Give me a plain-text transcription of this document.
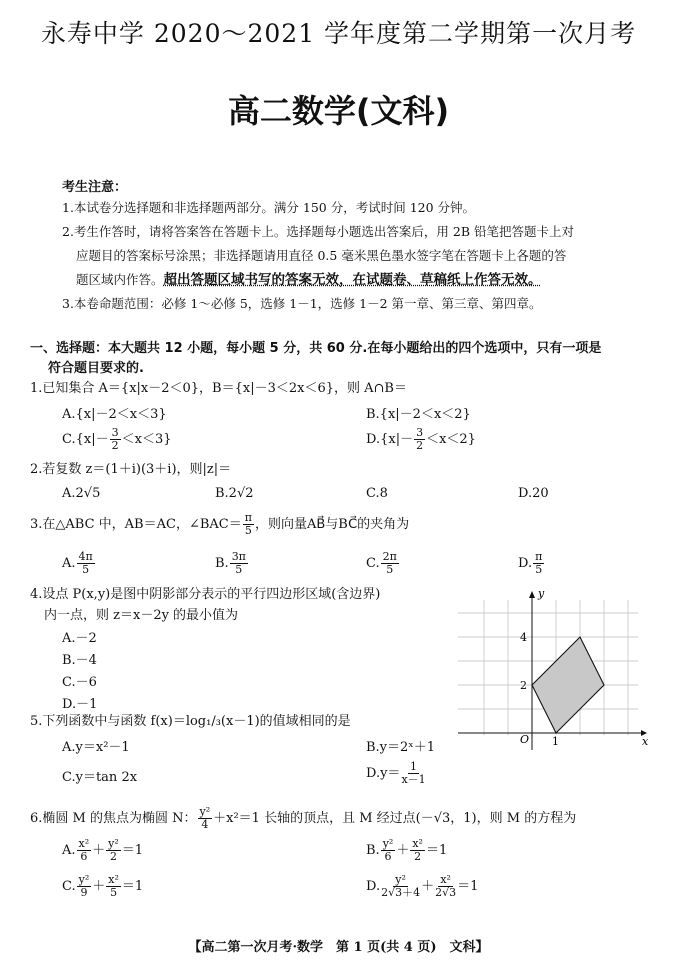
永寿中学 2020～2021 学年度第二学期第一次月考
高二数学(文科)
考生注意：
1.本试卷分选择题和非选择题两部分。满分 150 分，考试时间 120 分钟。
2.考生作答时，请将答案答在答题卡上。选择题每小题选出答案后，用 2B 铅笔把答题卡上对
应题目的答案标号涂黑；非选择题请用直径 0.5 毫米黑色墨水签字笔在答题卡上各题的答
题区域内作答。超出答题区域书写的答案无效，在试题卷、草稿纸上作答无效。
3.本卷命题范围：必修 1～必修 5，选修 1－1，选修 1－2 第一章、第三章、第四章。
一、选择题：本大题共 12 小题，每小题 5 分，共 60 分.在每小题给出的四个选项中，只有一项是
符合题目要求的.
1.已知集合 A＝{x|x－2＜0}，B＝{x|－3＜2x＜6}，则 A∩B＝
A.{x|－2＜x＜3}	B.{x|－2＜x＜2}
$C.\{x|- \frac{3}{2} <x<3\}$	$D.\{x|- \frac{3}{2} <x<2\}$
2.若复数 z＝(1＋i)(3＋i)，则|z|＝
A.2√5	B.2√2	C.8	D.20
3.在△ABC 中，AB＝AC，∠BAC＝ $\frac{\pi}{5}$ ，则向量AB⃗与BC⃗的夹角为
A. $\frac{4\pi}{5}$	B. $\frac{3\pi}{5}$	C. $\frac{2\pi}{5}$	D. $\frac{\pi}{5}$
4.设点 P(x,y)是图中阴影部分表示的平行四边形区域(含边界)
内一点，则 z＝x－2y 的最小值为
A.－2
B.－4
C.－6
D.－1
y
x
O
4
2
1
5.下列函数中与函数 f(x)＝log₁/₃(x－1)的值域相同的是
A.y＝x²－1	B.y＝2ˣ＋1
C.y＝tan 2x	$D.y= \frac{1}{x-1}$
6.椭圆 M 的焦点为椭圆 N： $\frac{\text{y²}}{4} +x^2=1$ 长轴的顶点，且 M 经过点(－√3，1)，则 M 的方程为
A. $\frac{\text{x²}}{6} + \frac{\text{y²}}{2} =1$	B. $\frac{\text{y²}}{6} + \frac{\text{x²}}{2} =1$
C. $\frac{\text{y²}}{9} + \frac{\text{x²}}{5} =1$	D. $\frac{\text{y²}}{2√3+4} + \frac{\text{x²}}{2√3} =1$
【高二第一次月考·数学　第 1 页(共 4 页)　文科】
